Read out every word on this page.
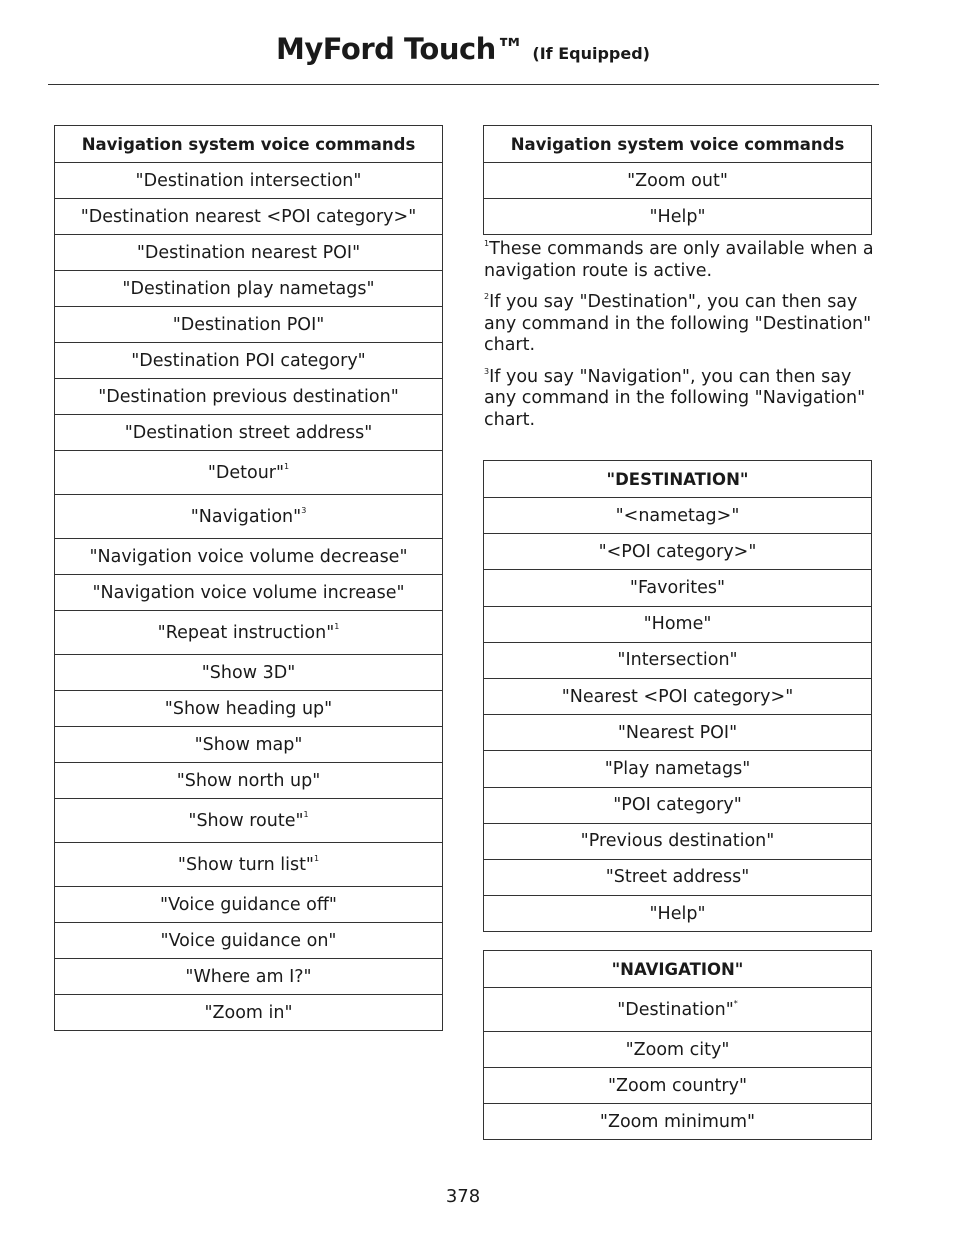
MyFord Touch™ (If Equipped)
Navigation system voice commands
"Destination intersection"
"Destination nearest <POI category>"
"Destination nearest POI"
"Destination play nametags"
"Destination POI"
"Destination POI category"
"Destination previous destination"
"Destination street address"
"Detour"$^1$
"Navigation"$^3$
"Navigation voice volume decrease"
"Navigation voice volume increase"
"Repeat instruction"$^1$
"Show 3D"
"Show heading up"
"Show map"
"Show north up"
"Show route"$^1$
"Show turn list"$^1$
"Voice guidance off"
"Voice guidance on"
"Where am I?"
"Zoom in"
Navigation system voice commands
"Zoom out"
"Help"
$^1$These commands are only available when a navigation route is active.
$^2$If you say "Destination", you can then say any command in the following "Destination" chart.
$^3$If you say "Navigation", you can then say any command in the following "Navigation" chart.
"DESTINATION"
"<nametag>"
"<POI category>"
"Favorites"
"Home"
"Intersection"
"Nearest <POI category>"
"Nearest POI"
"Play nametags"
"POI category"
"Previous destination"
"Street address"
"Help"
"NAVIGATION"
"Destination"*
"Zoom city"
"Zoom country"
"Zoom minimum"
378
